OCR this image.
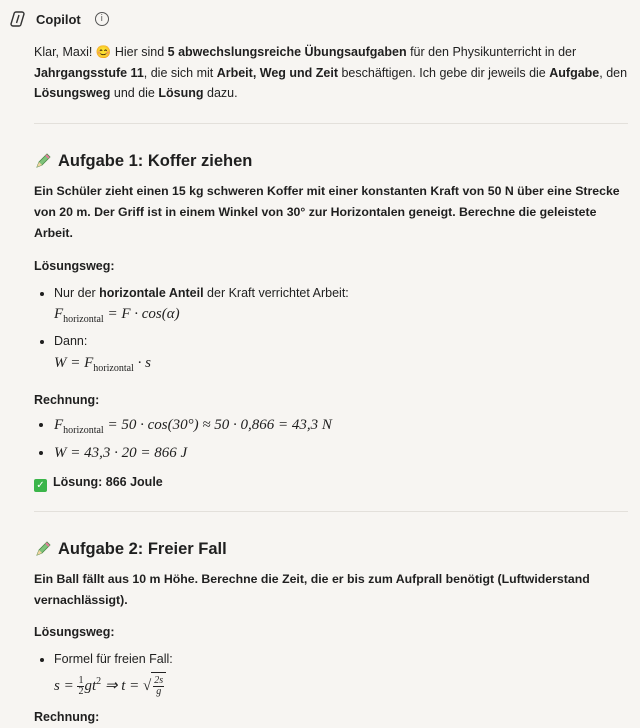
Copilot	i

Klar, Maxi! 😊 Hier sind 5 abwechslungsreiche Übungsaufgaben für den Physikunterricht in der Jahrgangsstufe 11, die sich mit Arbeit, Weg und Zeit beschäftigen. Ich gebe dir jeweils die Aufgabe, den Lösungsweg und die Lösung dazu.

Aufgabe 1: Koffer ziehen

Ein Schüler zieht einen 15 kg schweren Koffer mit einer konstanten Kraft von 50 N über eine Strecke von 20 m. Der Griff ist in einem Winkel von 30° zur Horizontalen geneigt. Berechne die geleistete Arbeit.

Lösungsweg:

• Nur der horizontale Anteil der Kraft verrichtet Arbeit:
$F_{horizontal} = F \cdot \cos(\alpha)$
• Dann:
$W = F_{horizontal} \cdot s$

Rechnung:

• $F_{horizontal} = 50 \cdot \cos(30^\circ) \approx 50 \cdot 0,866 = 43,3$ N
• W = 43,3 · 20 = 866 J

✓ Lösung: 866 Joule

Aufgabe 2: Freier Fall

Ein Ball fällt aus 10 m Höhe. Berechne die Zeit, die er bis zum Aufprall benötigt (Luftwiderstand vernachlässigt).

Lösungsweg:

• Formel für freien Fall:
$s = \frac{1}{2} gt^2$ ⇒ t = √ $\frac{2s}{g}$

Rechnung:
